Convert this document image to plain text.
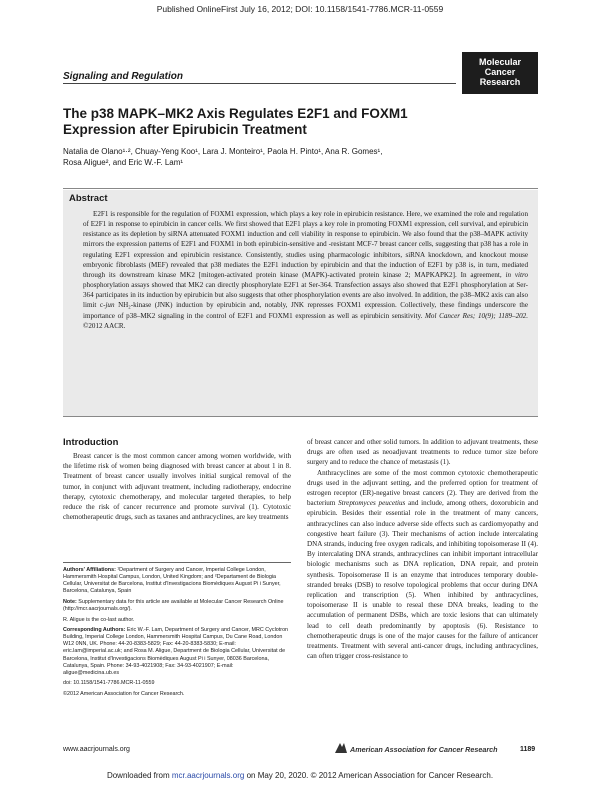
Published OnlineFirst July 16, 2012; DOI: 10.1158/1541-7786.MCR-11-0559
Signaling and Regulation
Molecular
Cancer
Research
The p38 MAPK–MK2 Axis Regulates E2F1 and FOXM1 Expression after Epirubicin Treatment
Natalia de Olano¹·², Chuay-Yeng Koo¹, Lara J. Monteiro¹, Paola H. Pinto¹, Ana R. Gomes¹,
Rosa Aligue², and Eric W.-F. Lam¹
Abstract

E2F1 is responsible for the regulation of FOXM1 expression, which plays a key role in epirubicin resistance. Here, we examined the role and regulation of E2F1 in response to epirubicin in cancer cells. We first showed that E2F1 plays a key role in promoting FOXM1 expression, cell survival, and epirubicin resistance as its depletion by siRNA attenuated FOXM1 induction and cell viability in response to epirubicin. We also found that the p38–MAPK activity mirrors the expression patterns of E2F1 and FOXM1 in both epirubicin-sensitive and -resistant MCF-7 breast cancer cells, suggesting that p38 has a role in regulating E2F1 expression and epirubicin resistance. Consistently, studies using pharmacologic inhibitors, siRNA knockdown, and knockout mouse embryonic fibroblasts (MEF) revealed that p38 mediates the E2F1 induction by epirubicin and that the induction of E2F1 by p38 is, in turn, mediated through its downstream kinase MK2 [mitogen-activated protein kinase (MAPK)-activated protein kinase 2; MAPKAPK2]. In agreement, in vitro phosphorylation assays showed that MK2 can directly phosphorylate E2F1 at Ser-364. Transfection assays also showed that E2F1 phosphorylation at Ser-364 participates in its induction by epirubicin but also suggests that other phosphorylation events are also involved. In addition, the p38–MK2 axis can also limit c-jun NH₂-kinase (JNK) induction by epirubicin and, notably, JNK represses FOXM1 expression. Collectively, these findings underscore the importance of p38–MK2 signaling in the control of E2F1 and FOXM1 expression as well as epirubicin sensitivity. Mol Cancer Res; 10(9); 1189–202. ©2012 AACR.

Introduction

Breast cancer is the most common cancer among women worldwide, with the lifetime risk of women being diagnosed with breast cancer at about 1 in 8. Treatment of breast cancer usually involves initial surgical removal of the tumor, in conjunct with adjuvant treatment, including radiotherapy, endocrine therapy, cytotoxic chemotherapy, and molecular targeted therapies, to help reduce the risk of cancer recurrence and promote survival (1). Cytotoxic chemotherapeutic drugs, such as taxanes and anthracyclines, are key treatments

Authors' Affiliations: ¹Department of Surgery and Cancer, Imperial College London, Hammersmith Hospital Campus, London, United Kingdom; and ²Departament de Biologia Cellular, Universitat de Barcelona, Institut d'Investigacions Biomèdiques August Pi i Sunyer, Barcelona, Catalunya, Spain

Note: Supplementary data for this article are available at Molecular Cancer Research Online (http://mcr.aacrjournals.org/).

R. Aligue is the co-last author.

Corresponding Authors: Eric W.-F. Lam, Department of Surgery and Cancer, MRC Cyclotron Building, Imperial College London, Hammersmith Hospital Campus, Du Cane Road, London W12 0NN, UK. Phone: 44-20-8383-5829; Fax: 44-20-8383-5830; E-mail: eric.lam@imperial.ac.uk; and Rosa M. Aligue, Department de Biologia Cellular, Universitat de Barcelona, Institut d'Investigacions Biomèdiques August Pi i Sunyer, 08036 Barcelona, Catalunya, Spain. Phone: 34-93-4021908; Fax: 34-93-4021907; E-mail: aligue@medicina.ub.es

doi: 10.1158/1541-7786.MCR-11-0559

©2012 American Association for Cancer Research.

of breast cancer and other solid tumors. In addition to adjuvant treatments, these drugs are often used as neoadjuvant treatments to reduce tumor size before surgery and to reduce the chance of metastasis (1).

Anthracyclines are some of the most common cytotoxic chemotherapeutic drugs used in the adjuvant setting, and the preferred option for treatment of estrogen receptor (ER)-negative breast cancers (2). They are derived from the bacterium Streptomyces peucetius and include, among others, doxorubicin and epirubicin. Besides their essential role in the treatment of many cancers, anthracyclines can also induce adverse side effects such as cardiomyopathy and congestive heart failure (3). Their mechanisms of action include intercalating DNA strands, inducing free oxygen radicals, and inhibiting topoisomerase II (4). By intercalating DNA strands, anthracyclines can inhibit important intracellular biologic mechanisms such as DNA replication, DNA repair, and protein synthesis. Topoisomerase II is an enzyme that introduces temporary double-stranded breaks (DSB) to resolve topological problems that occur during DNA replication and transcription (5). When inhibited by anthracyclines, topoisomerase II is unable to reseal these DNA breaks, leading to the accumulation of permanent DSBs, which are toxic lesions that can ultimately lead to cell death predominantly by apoptosis (6). Resistance to chemotherapeutic drugs is one of the major causes for the failure of anticancer treatments. Treatment with several anti-cancer drugs, including anthracyclines, can often trigger cross-resistance to

www.aacrjournals.org	American Association for Cancer Research	1189
Downloaded from mcr.aacrjournals.org on May 20, 2020. © 2012 American Association for Cancer Research.
